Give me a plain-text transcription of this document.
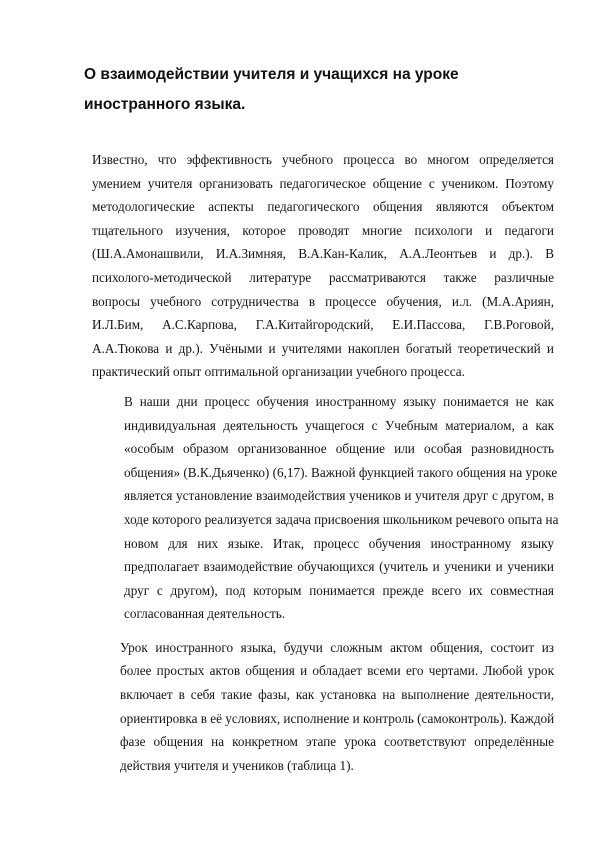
О взаимодействии учителя и учащихся на уроке
иностранного языка.

Известно, что эффективность учебного процесса во многом определяется
умением учителя организовать педагогическое общение с учеником. Поэтому
методологические аспекты педагогического общения являются объектом
тщательного изучения, которое проводят многие психологи и педагоги
(Ш.А.Амонашвили, И.А.Зимняя, В.А.Кан-Калик, А.А.Леонтьев и др.). В
психолого-методической литературе рассматриваются также различные
вопросы учебного сотрудничества в процессе обучения, и.л. (М.А.Ариян,
И.Л.Бим, А.С.Карпова, Г.А.Китайгородский, Е.И.Пассова, Г.В.Роговой,
А.А.Тюкова и др.). Учёными и учителями накоплен богатый теоретический и
практический опыт оптимальной организации учебного процесса.

В наши дни процесс обучения иностранному языку понимается не как
индивидуальная деятельность учащегося с Учебным материалом, а как
«особым образом организованное общение или особая разновидность
общения» (В.К.Дьяченко) (6,17). Важной функцией такого общения на уроке
является установление взаимодействия учеников и учителя друг с другом, в
ходе которого реализуется задача присвоения школьником речевого опыта на
новом для них языке. Итак, процесс обучения иностранному языку
предполагает взаимодействие обучающихся (учитель и ученики и ученики
друг с другом), под которым понимается прежде всего их совместная
согласованная деятельность.

Урок иностранного языка, будучи сложным актом общения, состоит из
более простых актов общения и обладает всеми его чертами. Любой урок
включает в себя такие фазы, как установка на выполнение деятельности,
ориентировка в её условиях, исполнение и контроль (самоконтроль). Каждой
фазе общения на конкретном этапе урока соответствуют определённые
действия учителя и учеников (таблица 1).
